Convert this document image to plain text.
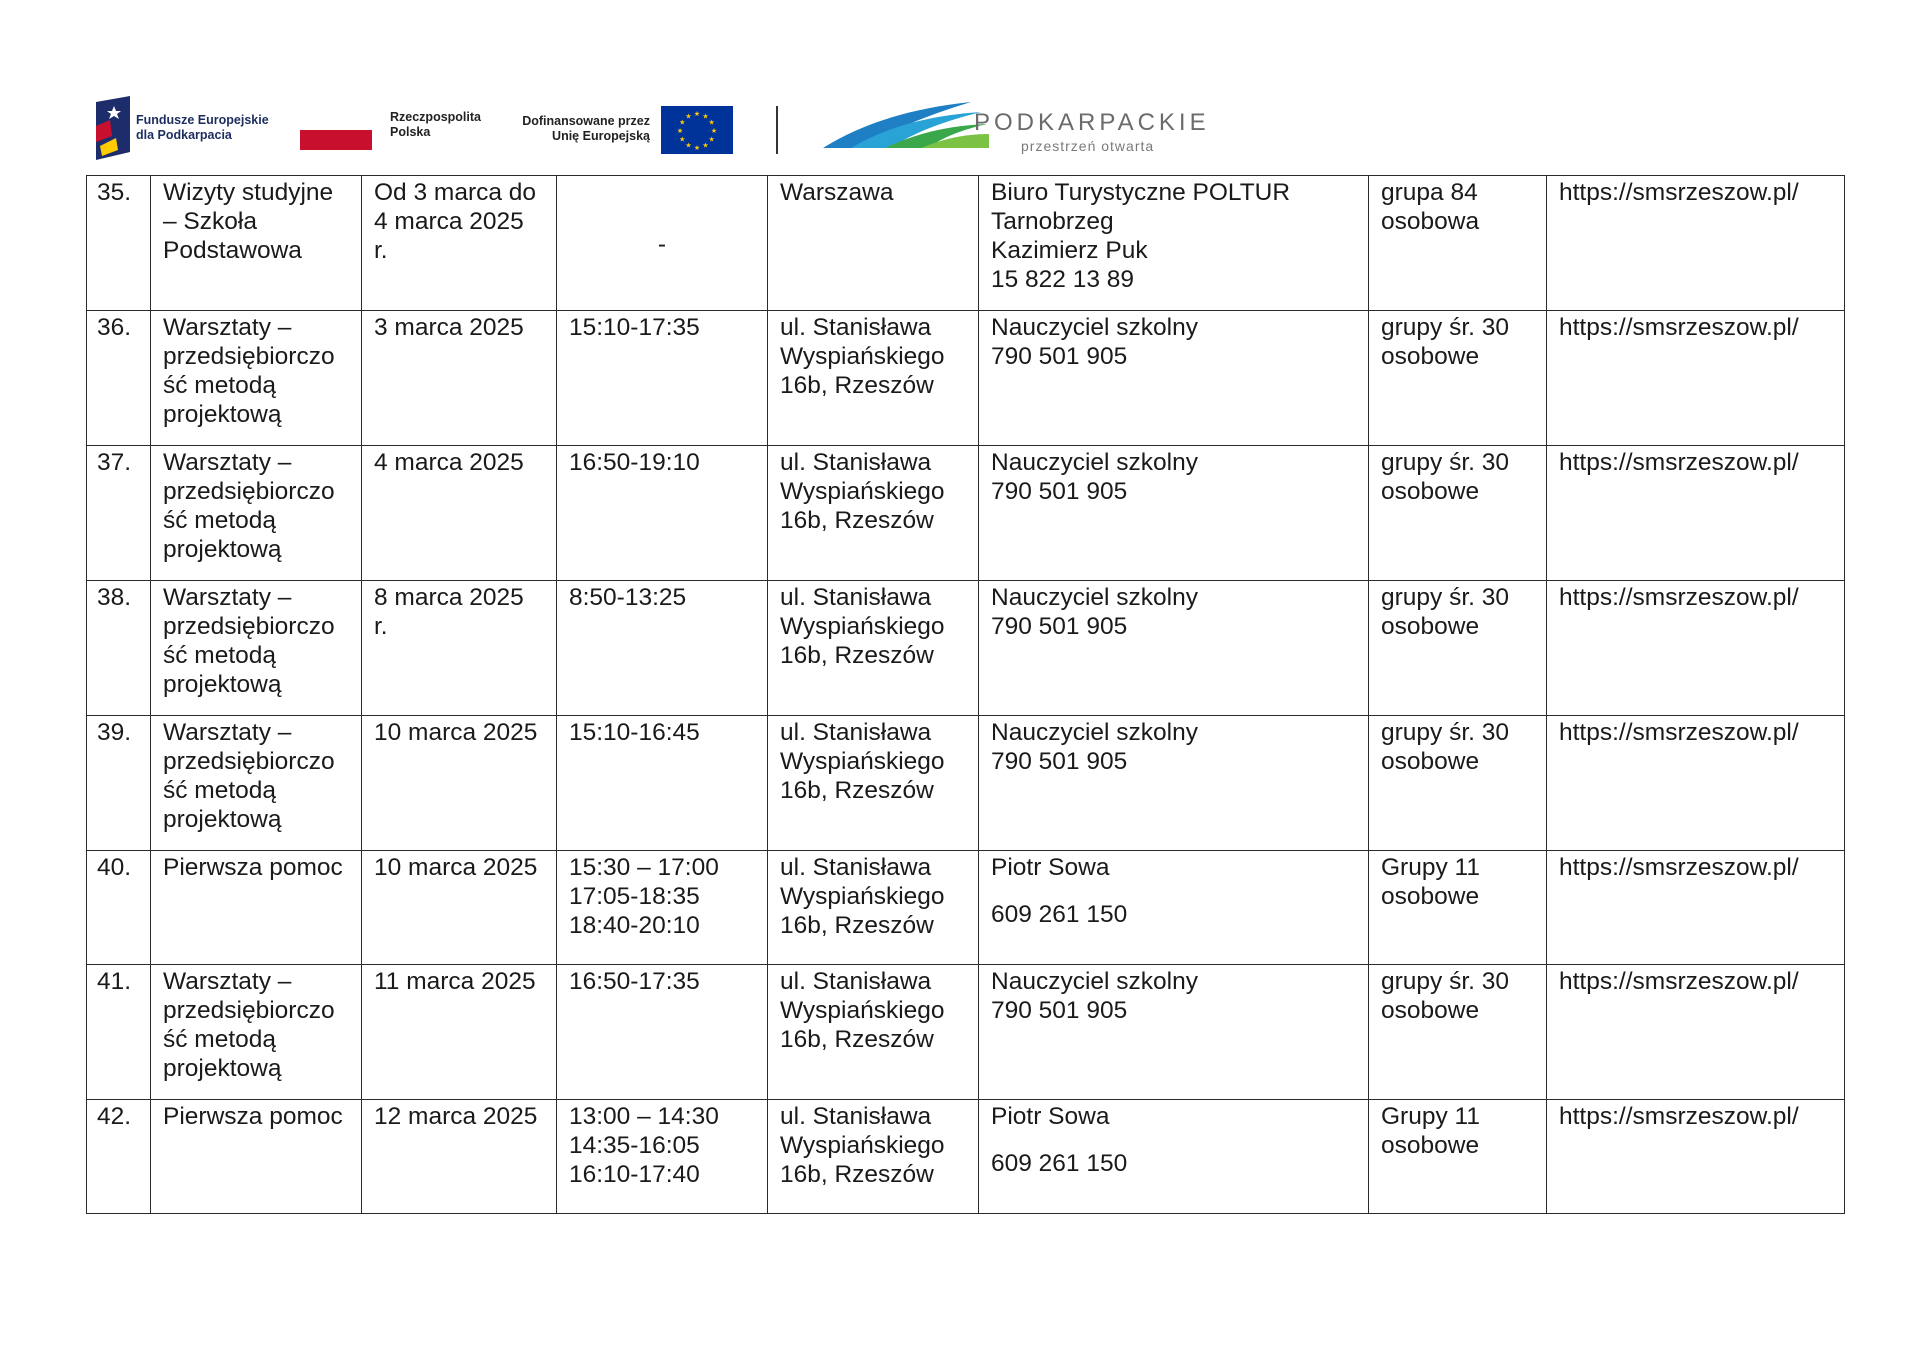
Fundusze Europejskie
dla Podkarpacia
Rzeczpospolita
Polska
Dofinansowane przez
Unię Europejską
★ ★
★
★
★
★
★
★
★
★
★
★	PODKARPACKIE
przestrzeń otwarta
35.	Wizyty studyjne – Szkoła Podstawowa	Od 3 marca do 4 marca 2025 r.	-	Warszawa	Biuro Turystyczne POLTUR
Tarnobrzeg
Kazimierz Puk
15 822 13 89	grupa 84 osobowa	https://smsrzeszow.pl/
36.	Warsztaty – przedsiębiorczo ść metodą projektową	3 marca 2025	15:10-17:35	ul. Stanisława Wyspiańskiego 16b, Rzeszów	Nauczyciel szkolny
790 501 905	grupy śr. 30 osobowe	https://smsrzeszow.pl/
37.	Warsztaty – przedsiębiorczo ść metodą projektową	4 marca 2025	16:50-19:10	ul. Stanisława Wyspiańskiego 16b, Rzeszów	Nauczyciel szkolny
790 501 905	grupy śr. 30 osobowe	https://smsrzeszow.pl/
38.	Warsztaty – przedsiębiorczo ść metodą projektową	8 marca 2025 r.	8:50-13:25	ul. Stanisława Wyspiańskiego 16b, Rzeszów	Nauczyciel szkolny
790 501 905	grupy śr. 30 osobowe	https://smsrzeszow.pl/
39.	Warsztaty – przedsiębiorczo ść metodą projektową	10 marca 2025	15:10-16:45	ul. Stanisława Wyspiańskiego 16b, Rzeszów	Nauczyciel szkolny
790 501 905	grupy śr. 30 osobowe	https://smsrzeszow.pl/
40.	Pierwsza pomoc	10 marca 2025	15:30 – 17:00
17:05-18:35
18:40-20:10	ul. Stanisława Wyspiańskiego 16b, Rzeszów	Piotr Sowa
609 261 150	Grupy 11 osobowe	https://smsrzeszow.pl/
41.	Warsztaty – przedsiębiorczo ść metodą projektową	11 marca 2025	16:50-17:35	ul. Stanisława Wyspiańskiego 16b, Rzeszów	Nauczyciel szkolny
790 501 905	grupy śr. 30 osobowe	https://smsrzeszow.pl/
42.	Pierwsza pomoc	12 marca 2025	13:00 – 14:30
14:35-16:05
16:10-17:40	ul. Stanisława Wyspiańskiego 16b, Rzeszów	Piotr Sowa
609 261 150	Grupy 11 osobowe	https://smsrzeszow.pl/
